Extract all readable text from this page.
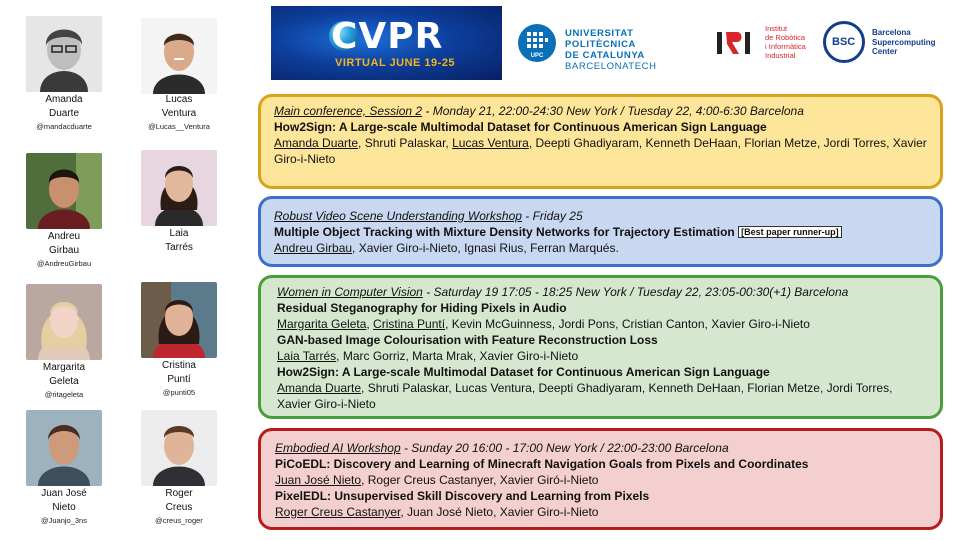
Amanda
Duarte
@mandacduarte
Lucas
Ventura
@Lucas__Ventura
Andreu
Girbau
@AndreuGirbau
Laia
Tarrés
Margarita
Geleta
@ritageleta
Cristina
Puntí
@punti05
Juan José
Nieto
@Juanjo_3ns
Roger
Creus
@creus_roger
CVPR
VIRTUAL JUNE 19-25
UPC
UNIVERSITAT POLITÈCNICA
DE CATALUNYA
BARCELONATECH
Institut
de Robòtica
i Informàtica
Industrial
BSC
Barcelona
Supercomputing
Center
Main conference, Session 2 - Monday 21, 22:00-24:30 New York / Tuesday 22, 4:00-6:30 Barcelona
How2Sign: A Large-scale Multimodal Dataset for Continuous American Sign Language
Amanda Duarte, Shruti Palaskar, Lucas Ventura, Deepti Ghadiyaram, Kenneth DeHaan, Florian Metze, Jordi Torres, Xavier Giro-i-Nieto
Robust Video Scene Understanding Workshop - Friday 25
Multiple Object Tracking with Mixture Density Networks for Trajectory Estimation [Best paper runner-up]
Andreu Girbau, Xavier Giro-i-Nieto, Ignasi Rius, Ferran Marqués.
Women in Computer Vision - Saturday 19 17:05 - 18:25 New York / Tuesday 22, 23:05-00:30(+1) Barcelona
Residual Steganography for Hiding Pixels in Audio
Margarita Geleta, Cristina Puntí, Kevin McGuinness, Jordi Pons, Cristian Canton, Xavier Giro-i-Nieto
GAN-based Image Colourisation with Feature Reconstruction Loss
Laia Tarrés, Marc Gorriz, Marta Mrak, Xavier Giro-i-Nieto
How2Sign: A Large-scale Multimodal Dataset for Continuous American Sign Language
Amanda Duarte, Shruti Palaskar, Lucas Ventura, Deepti Ghadiyaram, Kenneth DeHaan, Florian Metze, Jordi Torres, Xavier Giro-i-Nieto
Embodied AI Workshop - Sunday 20 16:00 - 17:00 New York / 22:00-23:00 Barcelona
PiCoEDL: Discovery and Learning of Minecraft Navigation Goals from Pixels and Coordinates
Juan José Nieto, Roger Creus Castanyer, Xavier Giró-i-Nieto
PixelEDL: Unsupervised Skill Discovery and Learning from Pixels
Roger Creus Castanyer, Juan José Nieto, Xavier Giro-i-Nieto
